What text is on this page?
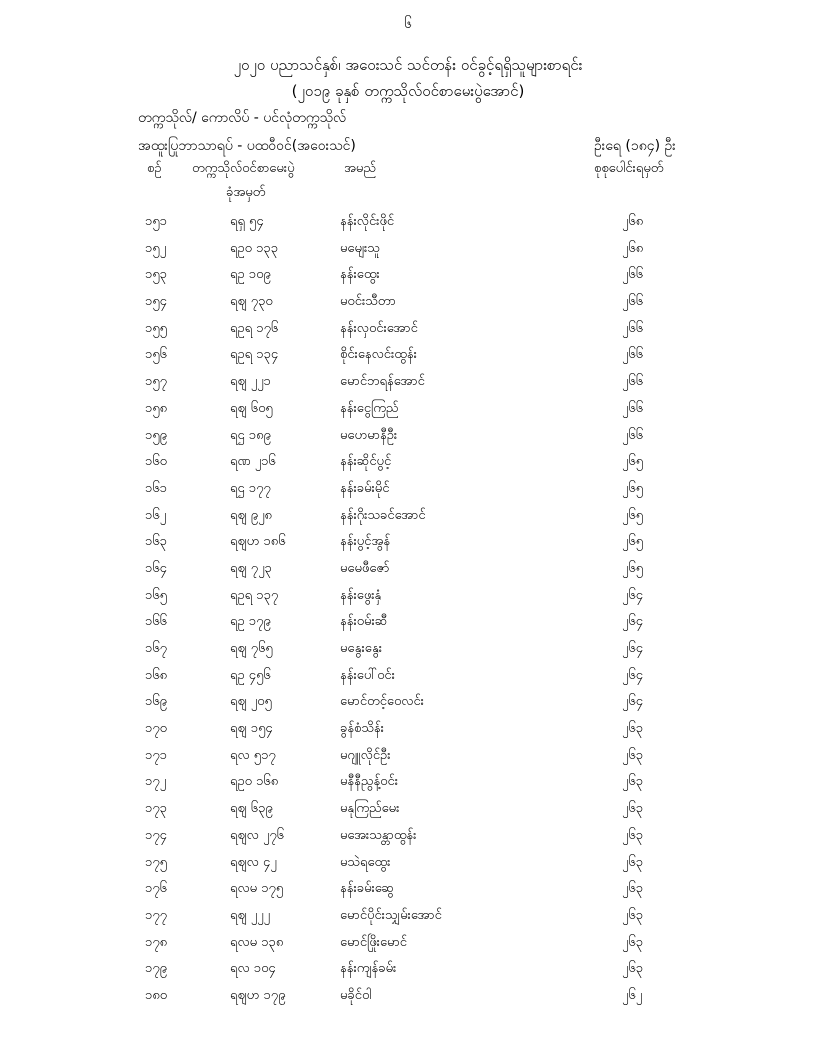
၆
၂၀၂၀ ပညာသင်နှစ်၊ အဝေးသင် သင်တန်း ဝင်ခွင့်ရရှိသူများစာရင်း
(၂၀၁၉ ခုနှစ် တက္ကသိုလ်ဝင်စာမေးပွဲအောင်)
တက္ကသိုလ်/ ကောလိပ် - ပင်လုံတက္ကသိုလ်
အထူးပြုဘာသာရပ် - ပထဝီဝင်(အဝေးသင်)	ဦးရေ (၁၈၄) ဦး
စဉ် တက္ကသိုလ်ဝင်စာမေးပွဲ
ခုံအမှတ်
အမည်	စုစုပေါင်းရမှတ်
၁၅၁	ရရှ ၅၄	နန်းလိုင်းဖိုင်	၂၆၈
၁၅၂	ရဥဝ ၁၃၃	မမျေးသူ	၂၆၈
၁၅၃	ရဥ ၁၀၉	နန်းထွေး	၂၆၆
၁၅၄	ရဈ ၇၃၀	မဝင်းသီတာ	၂၆၆
၁၅၅	ရဥရ ၁၇၆	နန်းလှဝင်းအောင်	၂၆၆
၁၅၆	ရဥရ ၁၃၄	စိုင်းနေလင်းထွန်း	၂၆၆
၁၅၇	ရဈ ၂၂၁	မောင်ဘရန်အောင်	၂၆၆
၁၅၈	ရဈ ၆၀၅	နန်းငွေကြည်	၂၆၆
၁၅၉	ရဌ ၁၈၉	မဟေမာနီဦး	၂၆၆
၁၆၀	ရဏ ၂၁၆	နန်းဆိုင်ပွင့်	၂၆၅
၁၆၁	ရဌ ၁၇၇	နန်းခမ်းမိုင်	၂၆၅
၁၆၂	ရဈ ၉၂၈	နန်းဂိုးသခင်အောင်	၂၆၅
၁၆၃	ရဈဟ ၁၈၆	နန်းပွင့်အွန်	၂၆၅
၁၆၄	ရဈ ၇၂၃	မမေဖီဇော်	၂၆၅
၁၆၅	ရဥရ ၁၃၇	နန်းဖွေးနှံ	၂၆၄
၁၆၆	ရဥ ၁၇၉	နန်းဝမ်းဆီ	၂၆၄
၁၆၇	ရဈ ၇၆၅	မနွေးနွေး	၂၆၄
၁၆၈	ရဥ ၄၅၆	နန်းပေါ်ဝင်း	၂၆၄
၁၆၉	ရဈ ၂၀၅	မောင်တင့်ဝေလင်း	၂၆၄
၁၇၀	ရဈ ၁၅၄	ခွန်စံသိန်း	၂၆၃
၁၇၁	ရလ ၅၁၇	မဂျူလိုင်ဦး	၂၆၃
၁၇၂	ရဥဝ ၁၆၈	မနီနီညွန့်ဝင်း	၂၆၃
၁၇၃	ရဈ ၆၃၉	မနုကြည်မေး	၂၆၃
၁၇၄	ရဈလ ၂၇၆	မအေးသန္တာထွန်း	၂၆၃
၁၇၅	ရဈလ ၄၂	မသဲရထွေး	၂၆၃
၁၇၆	ရလမ ၁၇၅	နန်းခမ်းဆွေ	၂၆၃
၁၇၇	ရဈ ၂၂၂	မောင်ပိုင်းသျှမ်းအောင်	၂၆၃
၁၇၈	ရလမ ၁၃၈	မောင်ဖြိုးမောင်	၂၆၃
၁၇၉	ရလ ၁၀၄	နန်းကျန်ခမ်း	၂၆၃
၁၈၀	ရဈဟ ၁၇၉	မခိုင်ဝါ	၂၆၂
